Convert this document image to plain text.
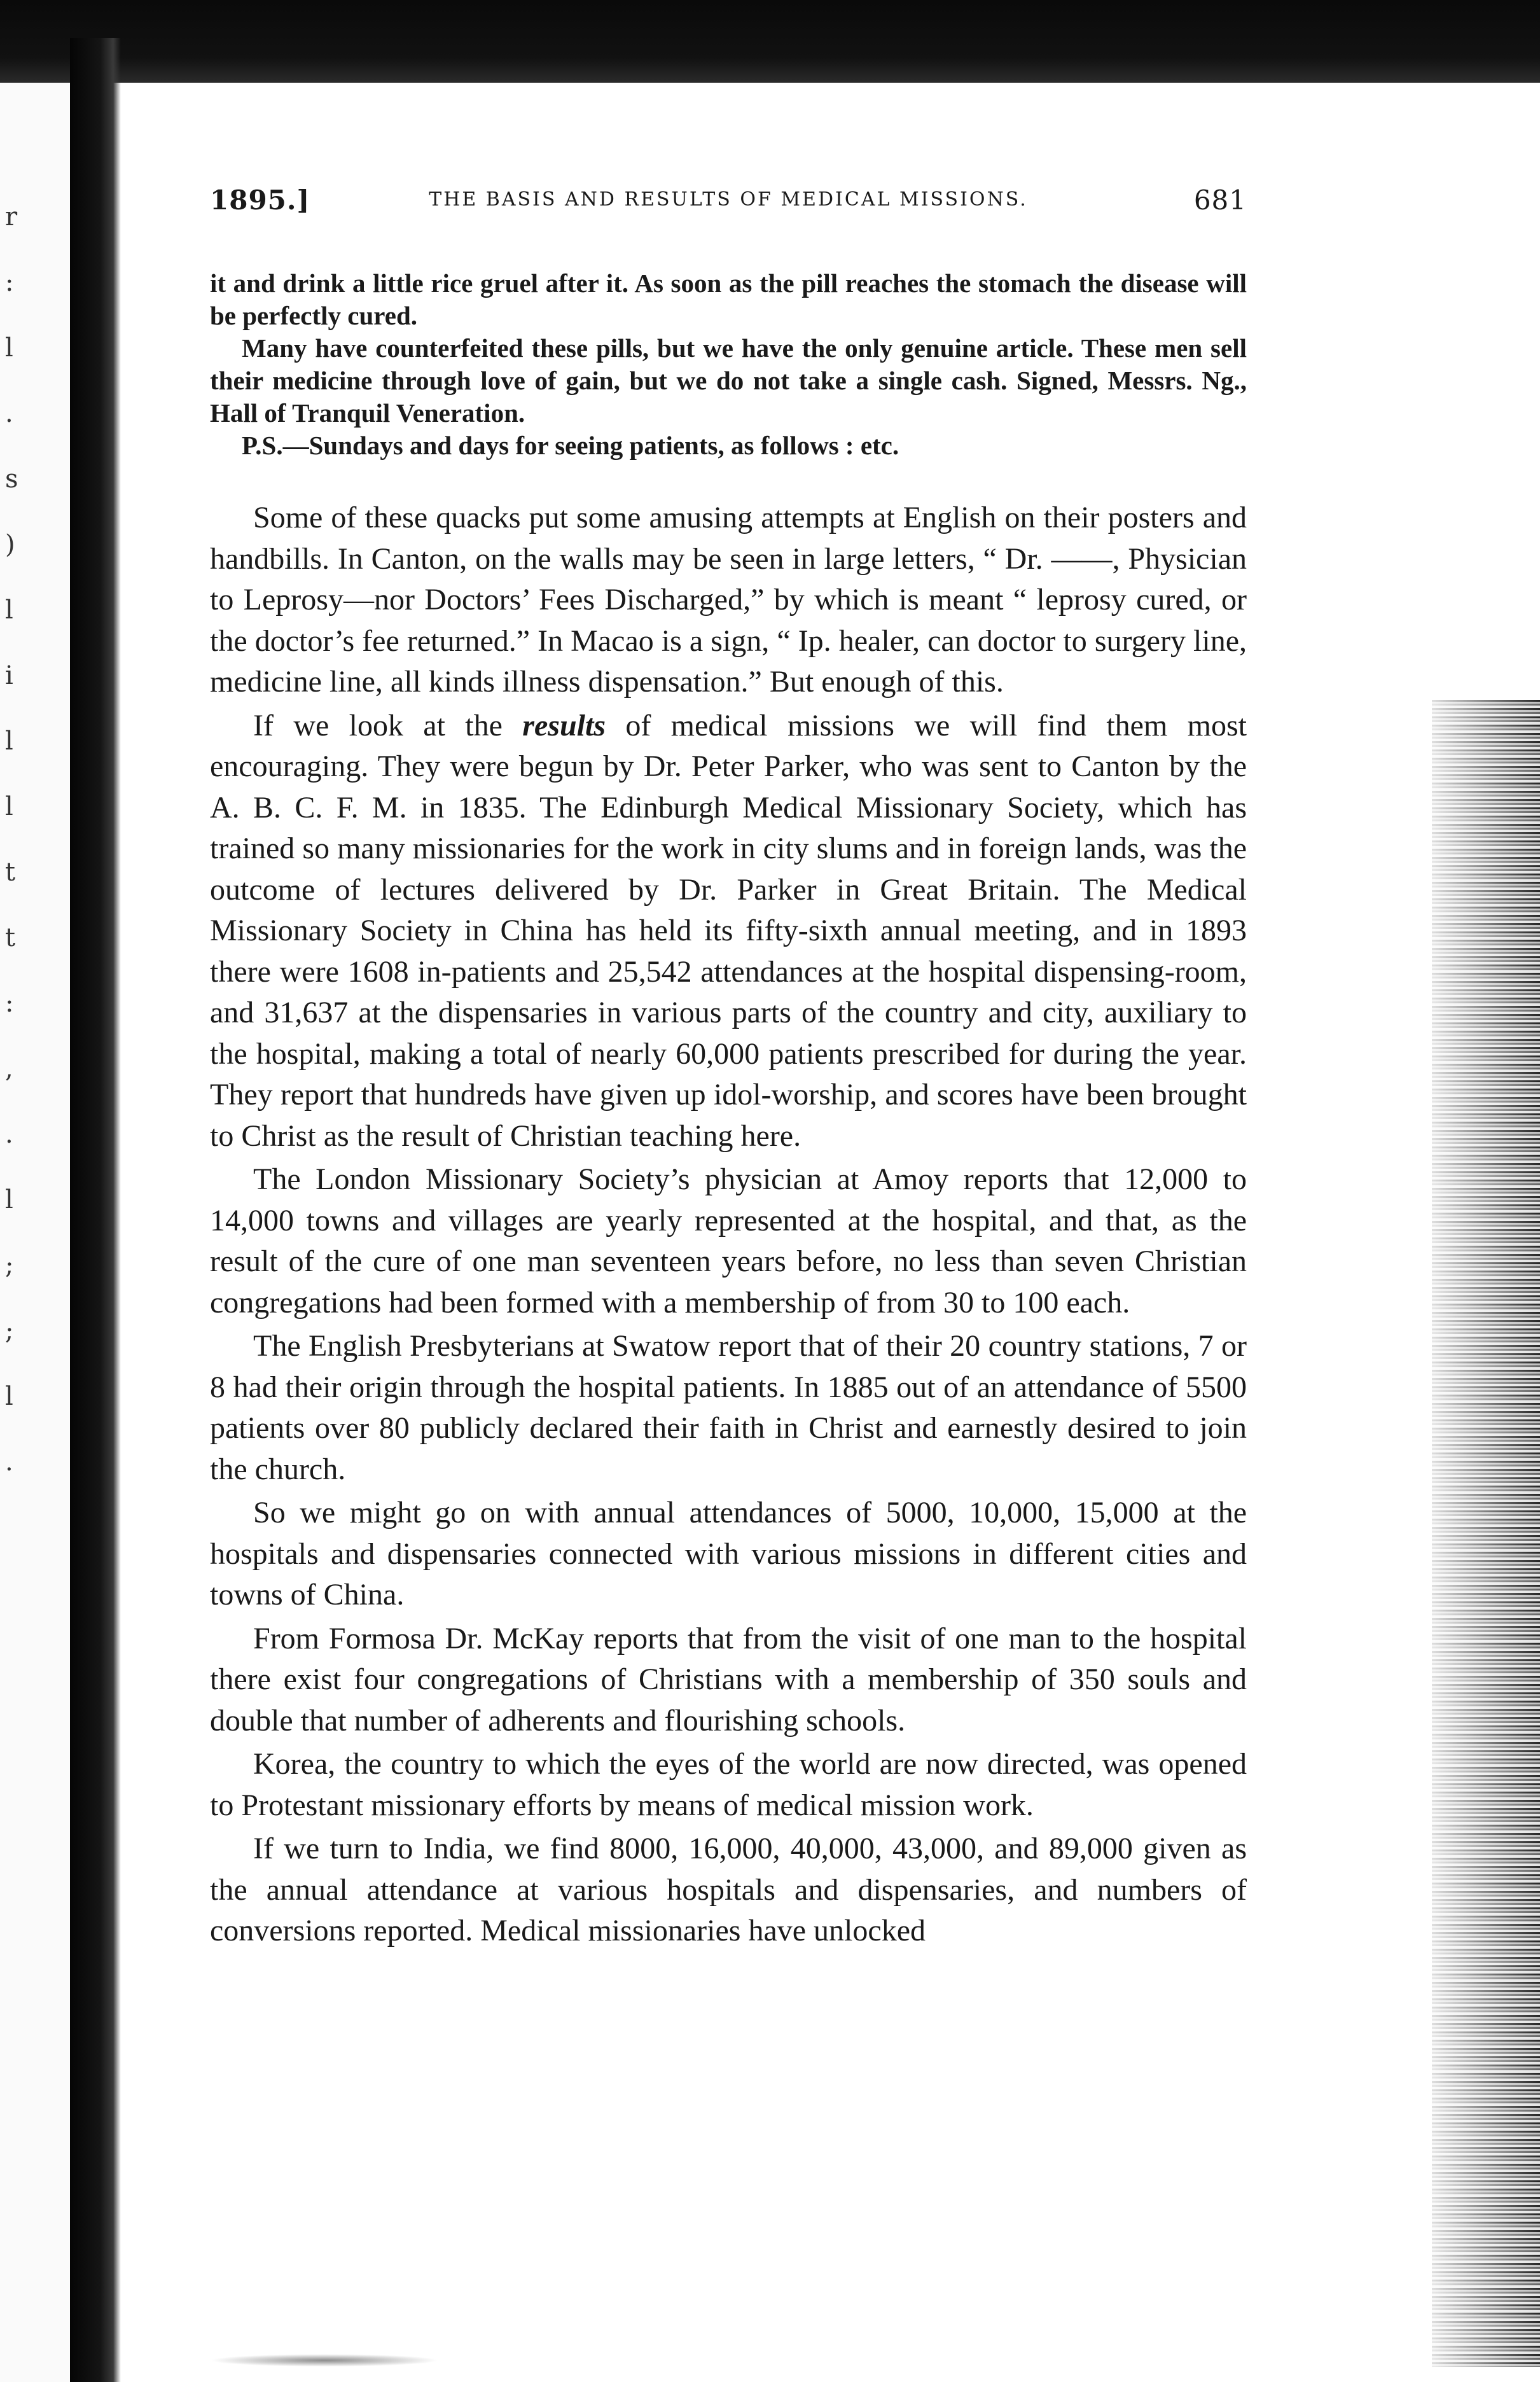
r
:
l
.
s
)
l
i
l
l
t
t
:
,
.
l
;
;
l
.
1895.]	THE BASIS AND RESULTS OF MEDICAL MISSIONS.	681

it and drink a little rice gruel after it. As soon as the pill reaches the stomach the disease will be perfectly cured.

Many have counterfeited these pills, but we have the only genuine article. These men sell their medicine through love of gain, but we do not take a single cash. Signed, Messrs. Ng., Hall of Tranquil Veneration.

P.S.—Sundays and days for seeing patients, as follows : etc.

Some of these quacks put some amusing attempts at English on their posters and handbills. In Canton, on the walls may be seen in large letters, “ Dr. ——, Physician to Leprosy—nor Doctors’ Fees Discharged,” by which is meant “ leprosy cured, or the doctor’s fee returned.” In Macao is a sign, “ Ip. healer, can doctor to surgery line, medicine line, all kinds illness dispensation.” But enough of this.

If we look at the results of medical missions we will find them most encouraging. They were begun by Dr. Peter Parker, who was sent to Canton by the A. B. C. F. M. in 1835. The Edinburgh Medical Missionary Society, which has trained so many missionaries for the work in city slums and in foreign lands, was the outcome of lectures delivered by Dr. Parker in Great Britain. The Medical Missionary Society in China has held its fifty-sixth annual meeting, and in 1893 there were 1608 in-patients and 25,542 attendances at the hospital dispensing-room, and 31,637 at the dispensaries in various parts of the country and city, auxiliary to the hospital, making a total of nearly 60,000 patients prescribed for during the year. They report that hundreds have given up idol-worship, and scores have been brought to Christ as the result of Christian teaching here.

The London Missionary Society’s physician at Amoy reports that 12,000 to 14,000 towns and villages are yearly represented at the hospital, and that, as the result of the cure of one man seventeen years before, no less than seven Christian congregations had been formed with a membership of from 30 to 100 each.

The English Presbyterians at Swatow report that of their 20 country stations, 7 or 8 had their origin through the hospital patients. In 1885 out of an attendance of 5500 patients over 80 publicly declared their faith in Christ and earnestly desired to join the church.

So we might go on with annual attendances of 5000, 10,000, 15,000 at the hospitals and dispensaries connected with various missions in different cities and towns of China.

From Formosa Dr. McKay reports that from the visit of one man to the hospital there exist four congregations of Christians with a membership of 350 souls and double that number of adherents and flourishing schools.

Korea, the country to which the eyes of the world are now directed, was opened to Protestant missionary efforts by means of medical mission work.

If we turn to India, we find 8000, 16,000, 40,000, 43,000, and 89,000 given as the annual attendance at various hospitals and dispensaries, and numbers of conversions reported. Medical missionaries have unlocked
